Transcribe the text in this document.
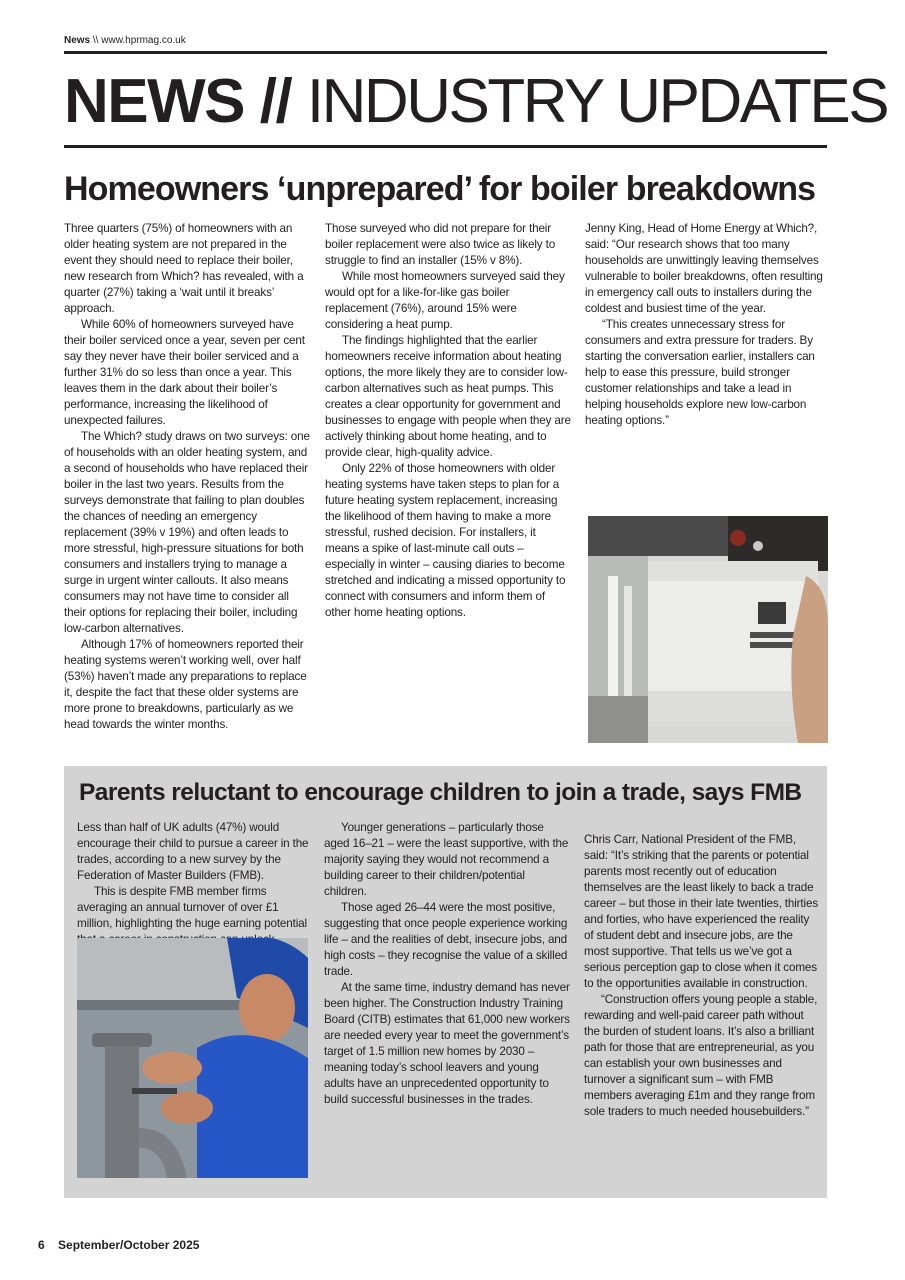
News \\ www.hprmag.co.uk
NEWS // INDUSTRY UPDATES
Homeowners ‘unprepared’ for boiler breakdowns

Three quarters (75%) of homeowners with an older heating system are not prepared in the event they should need to replace their boiler, new research from Which? has revealed, with a quarter (27%) taking a ‘wait until it breaks’ approach.

While 60% of homeowners surveyed have their boiler serviced once a year, seven per cent say they never have their boiler serviced and a further 31% do so less than once a year. This leaves them in the dark about their boiler’s performance, increasing the likelihood of unexpected failures.

The Which? study draws on two surveys: one of households with an older heating system, and a second of households who have replaced their boiler in the last two years. Results from the surveys demonstrate that failing to plan doubles the chances of needing an emergency replacement (39% v 19%) and often leads to more stressful, high-pressure situations for both consumers and installers trying to manage a surge in urgent winter callouts. It also means consumers may not have time to consider all their options for replacing their boiler, including low-carbon alternatives.

Although 17% of homeowners reported their heating systems weren’t working well, over half (53%) haven’t made any preparations to replace it, despite the fact that these older systems are more prone to breakdowns, particularly as we head towards the winter months.

Those surveyed who did not prepare for their boiler replacement were also twice as likely to struggle to find an installer (15% v 8%).

While most homeowners surveyed said they would opt for a like-for-like gas boiler replacement (76%), around 15% were considering a heat pump.

The findings highlighted that the earlier homeowners receive information about heating options, the more likely they are to consider low-carbon alternatives such as heat pumps. This creates a clear opportunity for government and businesses to engage with people when they are actively thinking about home heating, and to provide clear, high-quality advice.

Only 22% of those homeowners with older heating systems have taken steps to plan for a future heating system replacement, increasing the likelihood of them having to make a more stressful, rushed decision. For installers, it means a spike of last-minute call outs – especially in winter – causing diaries to become stretched and indicating a missed opportunity to connect with consumers and inform them of other home heating options.

Jenny King, Head of Home Energy at Which?, said: “Our research shows that too many households are unwittingly leaving themselves vulnerable to boiler breakdowns, often resulting in emergency call outs to installers during the coldest and busiest time of the year.

“This creates unnecessary stress for consumers and extra pressure for traders. By starting the conversation earlier, installers can help to ease this pressure, build stronger customer relationships and take a lead in helping households explore new low-carbon heating options.”

Parents reluctant to encourage children to join a trade, says FMB

Less than half of UK adults (47%) would encourage their child to pursue a career in the trades, according to a new survey by the Federation of Master Builders (FMB).

This is despite FMB member firms averaging an annual turnover of over £1 million, highlighting the huge earning potential

Younger generations – particularly those aged 16–21 – were the least supportive, with the majority saying they would not recommend a building career to their children/potential children.

Those aged 26–44 were the most positive, suggesting that once people experience working life – and the realities of debt, insecure jobs, and high costs – they recognise the value of a skilled trade.

At the same time, industry demand has never been higher. The Construction Industry Training Board (CITB) estimates that 61,000 new workers are needed every year to meet the government’s target of 1.5 million new homes by 2030 – meaning today’s school leavers and young adults have an unprecedented opportunity to build successful businesses in the trades.

Chris Carr, National President of the FMB, said: “It’s striking that the parents or potential parents most recently out of education themselves are the least likely to back a trade career – but those in their late twenties, thirties and forties, who have experienced the reality of student debt and insecure jobs, are the most supportive. That tells us we’ve got a serious perception gap to close when it comes to the opportunities available in construction.

“Construction offers young people a stable, rewarding and well-paid career path without the burden of student loans. It’s also a brilliant path for those that are entrepreneurial, as you can establish your own businesses and turnover a significant sum – with FMB members averaging £1m and they range from sole traders to much needed housebuilders.”

6 September/October 2025
